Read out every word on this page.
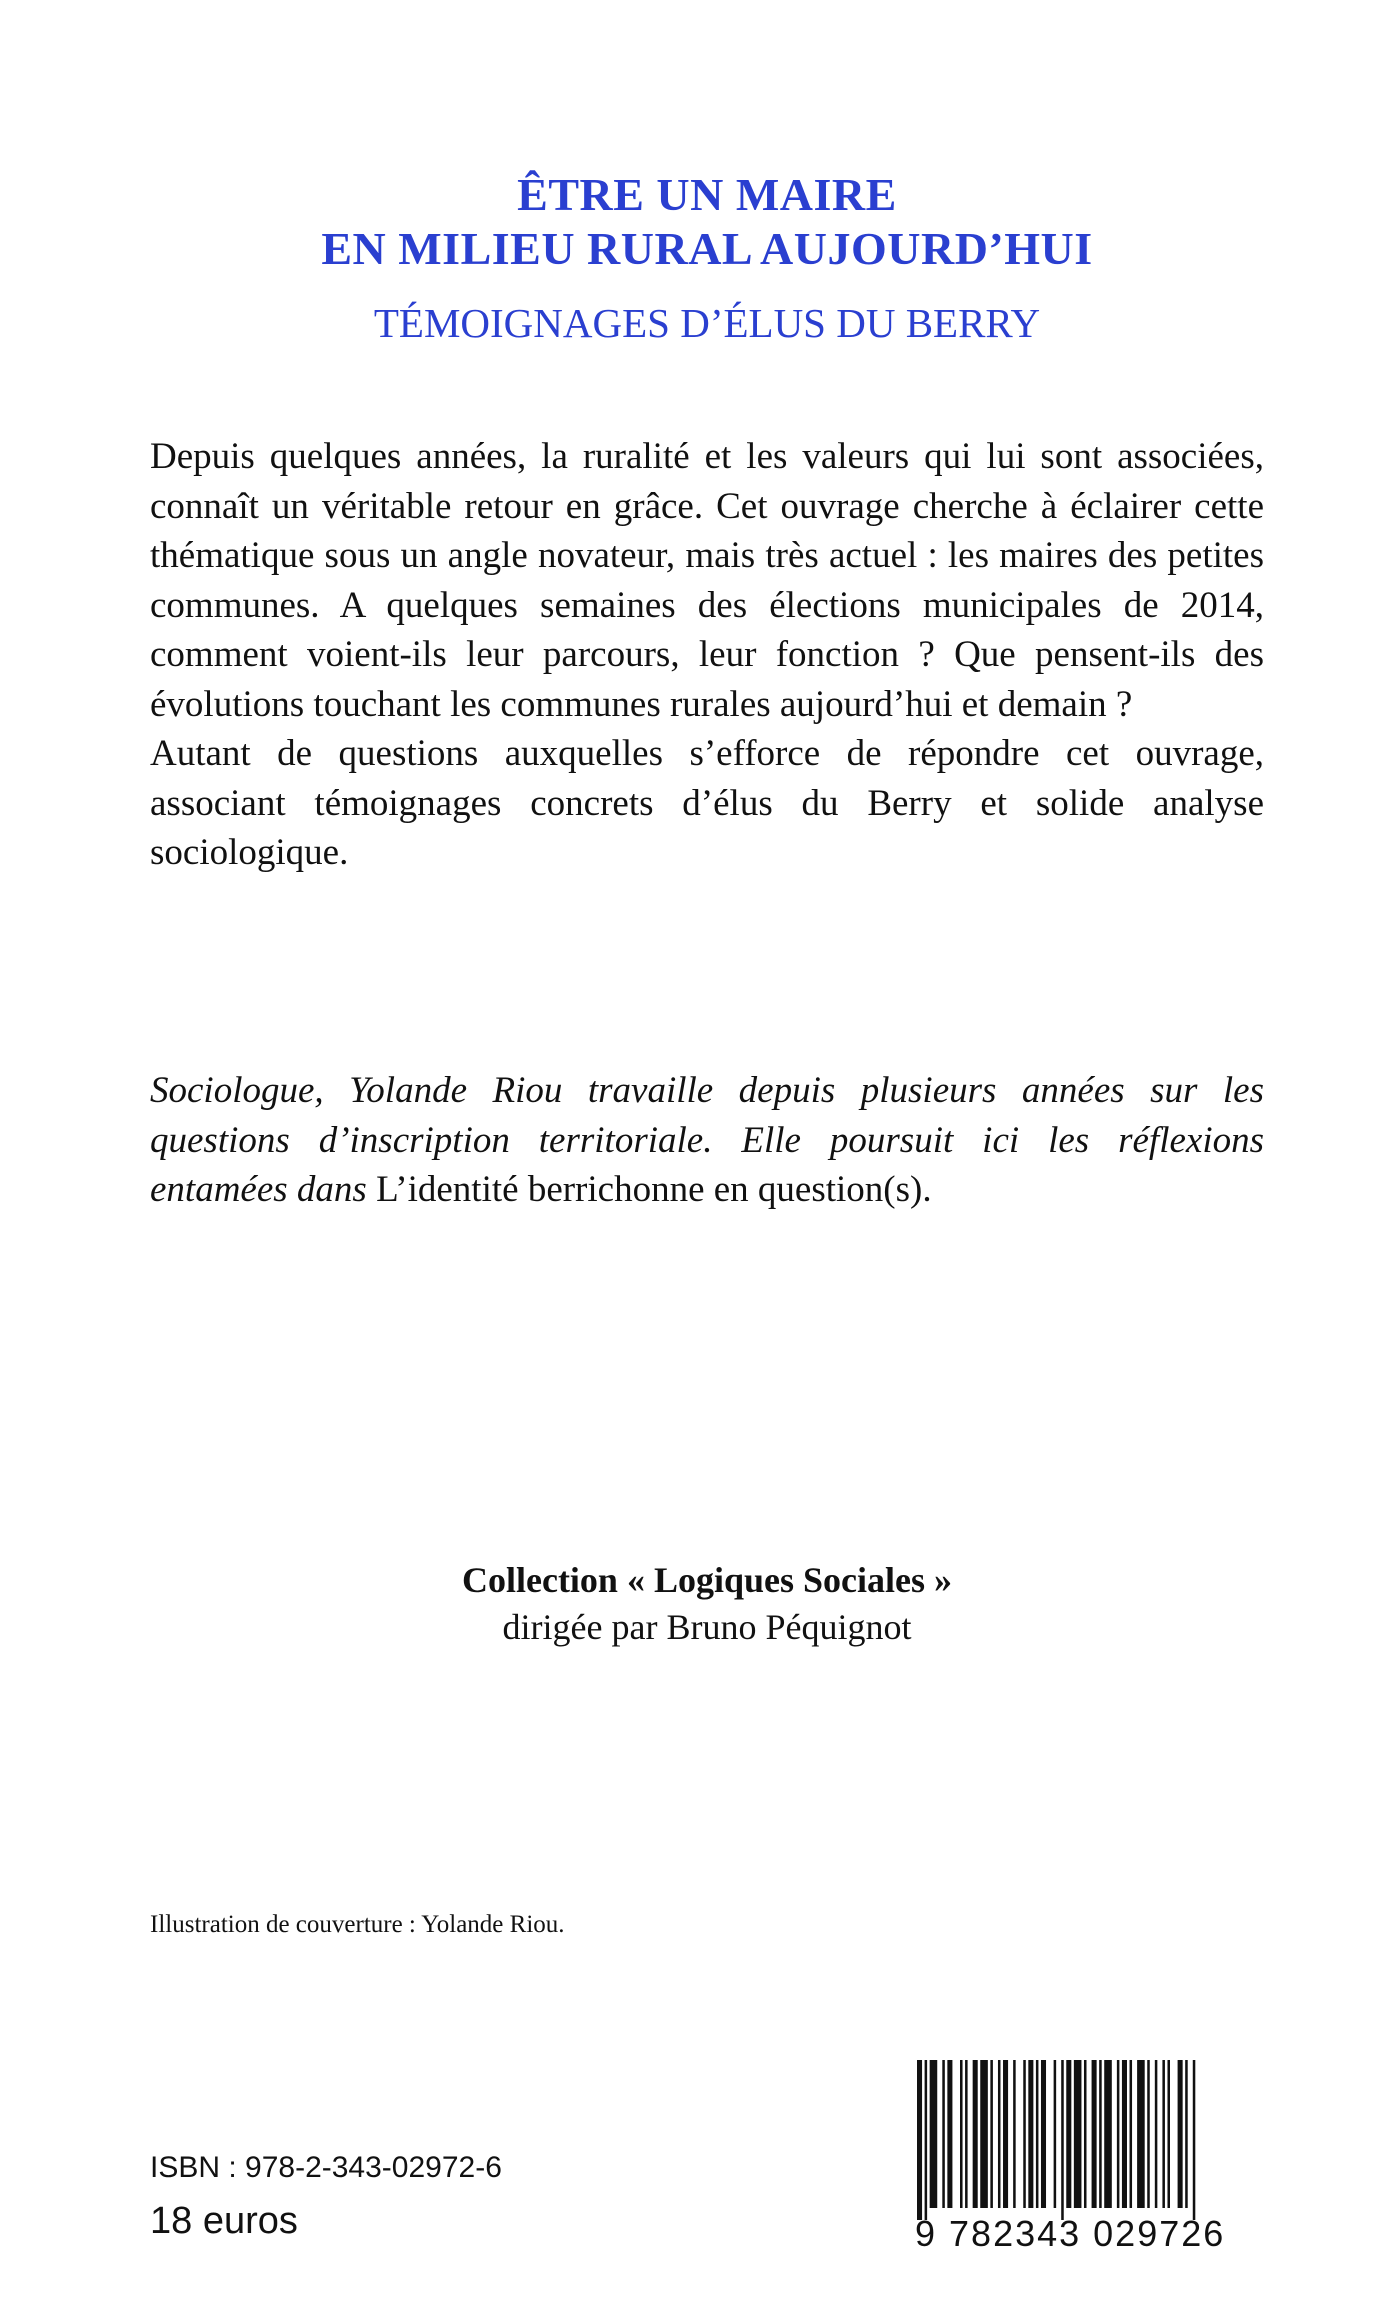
ÊTRE UN MAIRE
EN MILIEU RURAL AUJOURD’HUI
TÉMOIGNAGES D’ÉLUS DU BERRY

Depuis quelques années, la ruralité et les valeurs qui lui sont associées, connaît un véritable retour en grâce. Cet ouvrage cherche à éclairer cette thématique sous un angle novateur, mais très actuel : les maires des petites communes. A quelques semaines des élections municipales de 2014, comment voient-ils leur parcours, leur fonction ? Que pensent-ils des évolutions touchant les communes rurales aujourd’hui et demain ?

Autant de questions auxquelles s’efforce de répondre cet ouvrage, associant témoignages concrets d’élus du Berry et solide analyse sociologique.

Sociologue, Yolande Riou travaille depuis plusieurs années sur les questions d’inscription territoriale. Elle poursuit ici les réflexions entamées dans L’identité berrichonne en question(s).

Collection « Logiques Sociales »
dirigée par Bruno Péquignot
Illustration de couverture : Yolande Riou.
ISBN : 978-2-343-02972-6
18 euros	9 782343 029726
